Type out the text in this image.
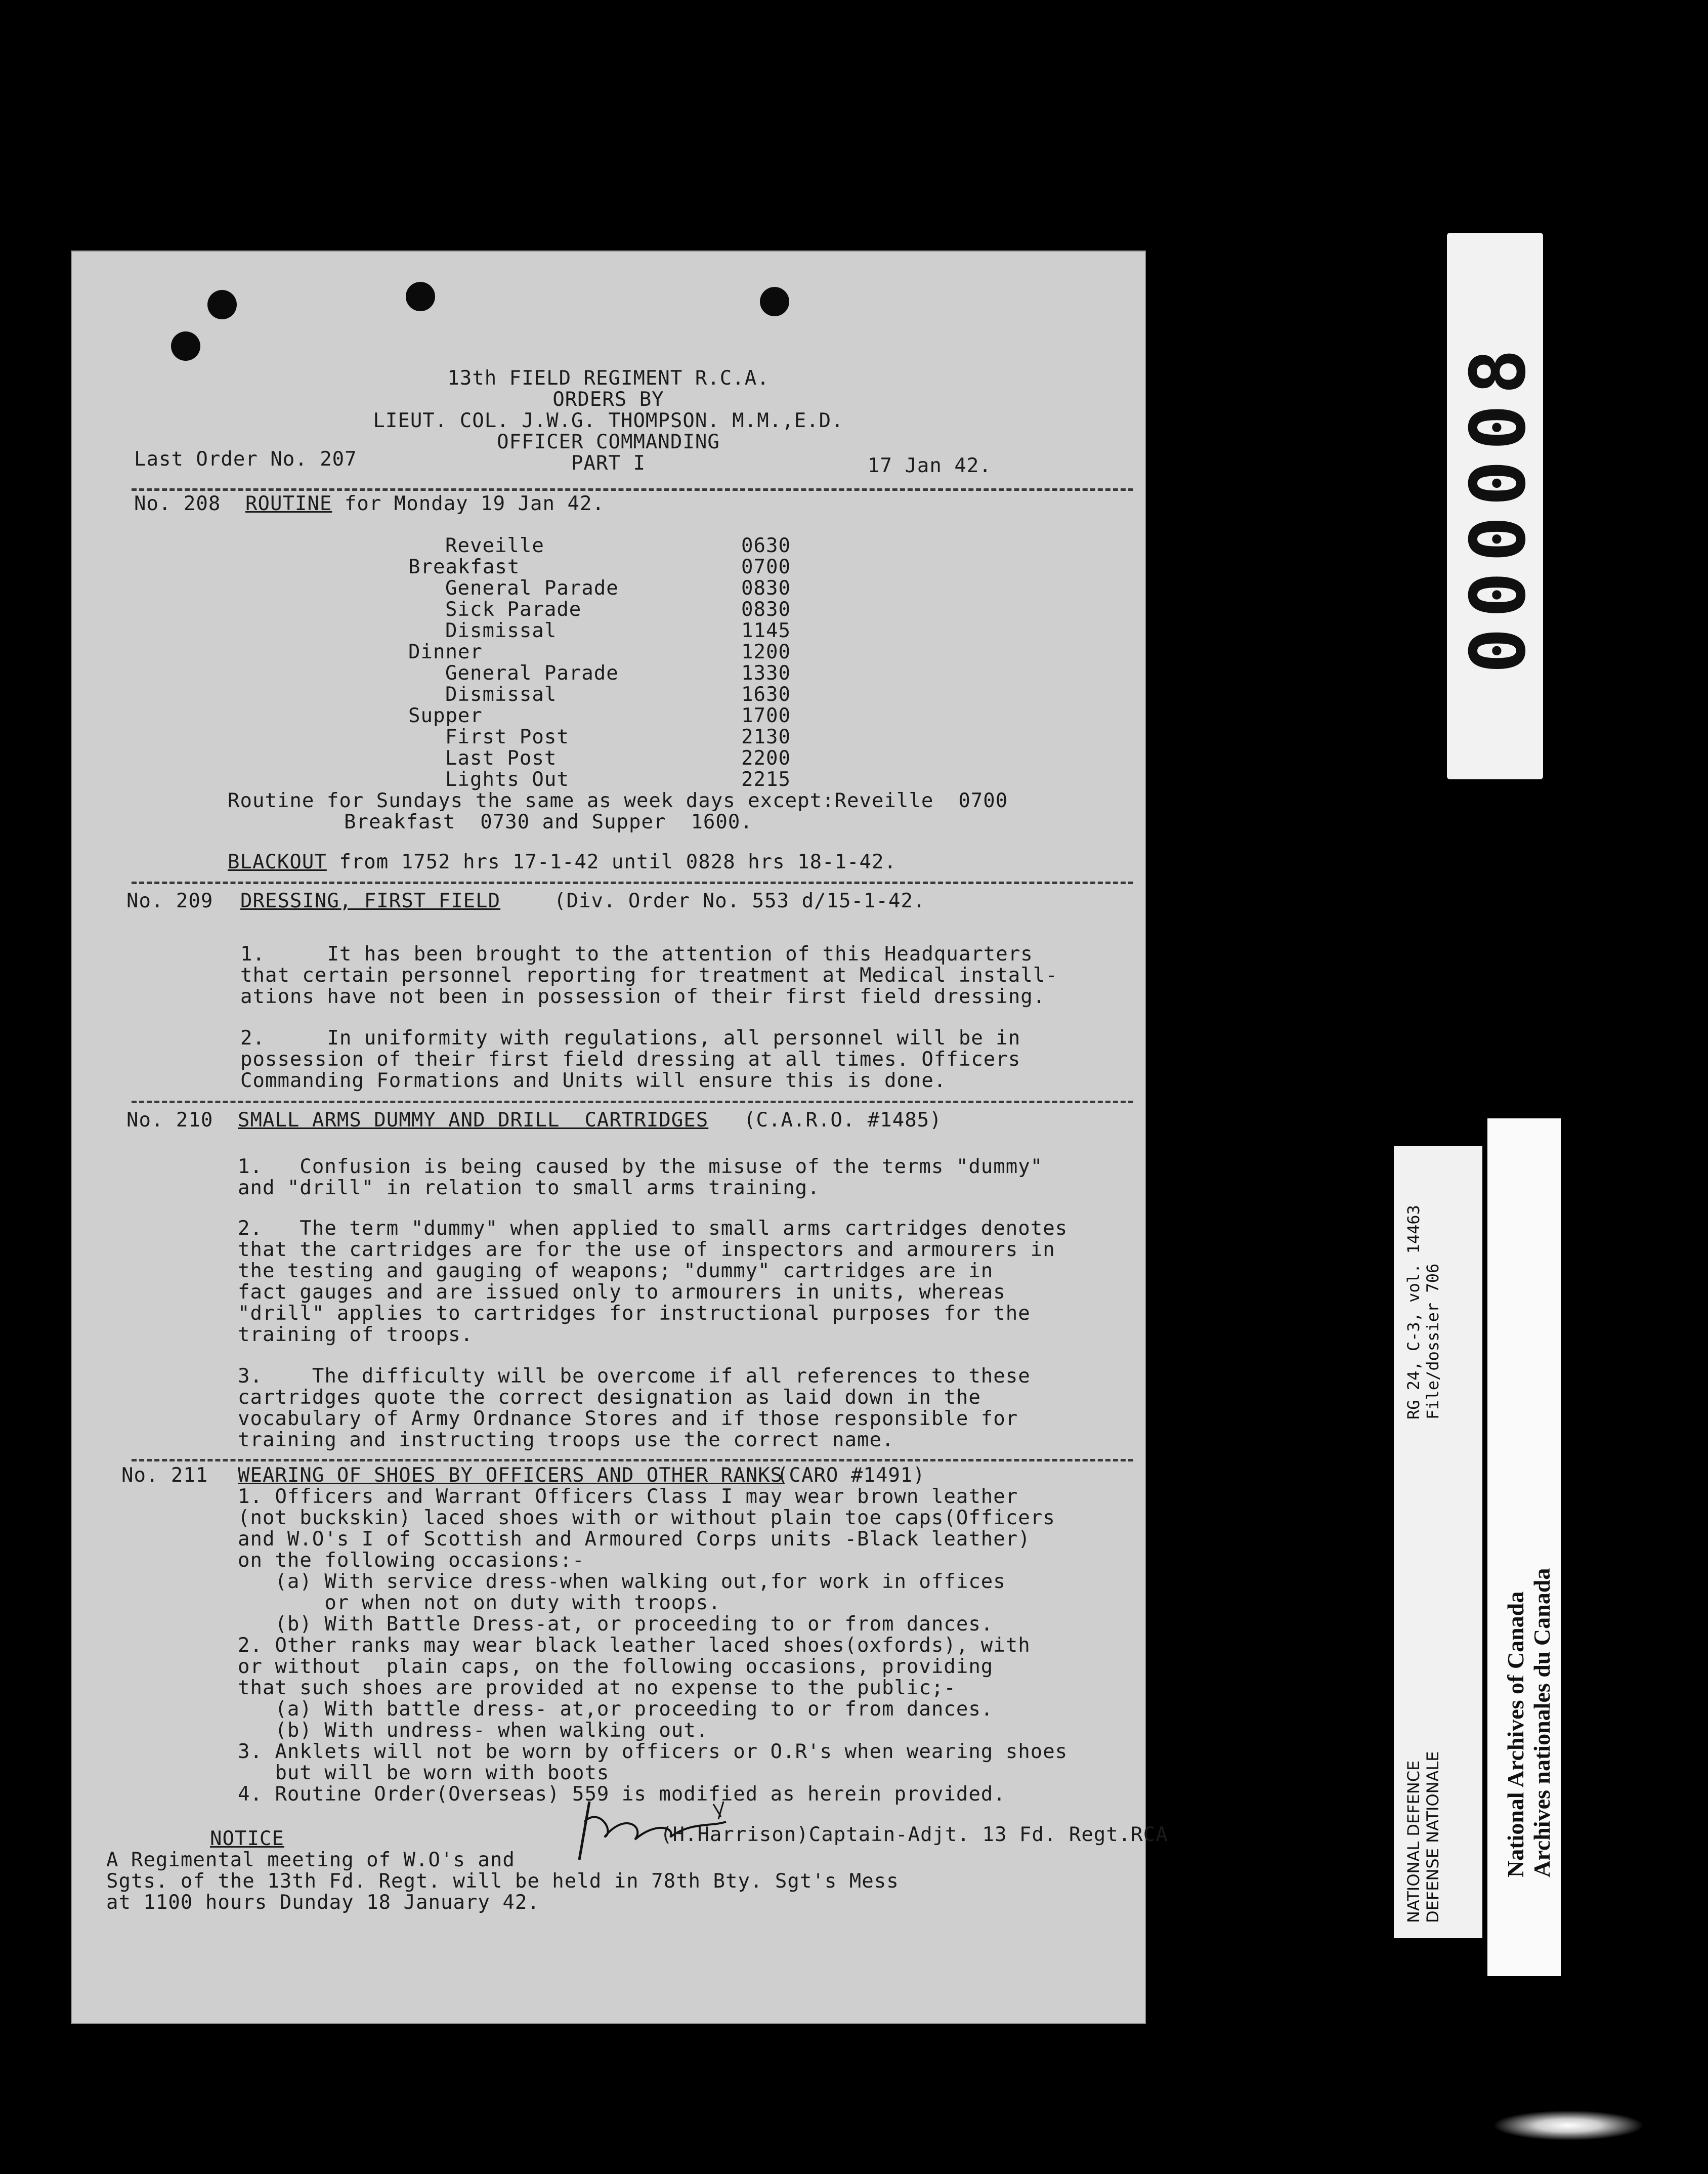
13th FIELD REGIMENT R.C.A.
ORDERS BY
LIEUT. COL. J.W.G. THOMPSON. M.M.,E.D.
OFFICER COMMANDING
PART I
Last Order No. 207	17 Jan 42.
No. 208 ROUTINE for Monday 19 Jan 42.
Reveille	0630
Breakfast	0700
General Parade	0830
Sick Parade	0830
Dismissal	1145
Dinner	1200
General Parade	1330
Dismissal	1630
Supper	1700
First Post	2130
Last Post	2200
Lights Out	2215
Routine for Sundays the same as week days except:Reveille  0700
Breakfast  0730 and Supper  1600.
BLACKOUT from 1752 hrs 17-1-42 until 0828 hrs 18-1-42.
No. 209 DRESSING, FIRST FIELD	(Div. Order No. 553 d/15-1-42.
1.     It has been brought to the attention of this Headquarters
that certain personnel reporting for treatment at Medical install-
ations have not been in possession of their first field dressing.
2.     In uniformity with regulations, all personnel will be in
possession of their first field dressing at all times. Officers
Commanding Formations and Units will ensure this is done.
No. 210 SMALL ARMS DUMMY AND DRILL  CARTRIDGES (C.A.R.O. #1485)
1.   Confusion is being caused by the misuse of the terms "dummy"
and "drill" in relation to small arms training.
2.   The term "dummy" when applied to small arms cartridges denotes
that the cartridges are for the use of inspectors and armourers in
the testing and gauging of weapons; "dummy" cartridges are in
fact gauges and are issued only to armourers in units, whereas
"drill" applies to cartridges for instructional purposes for the
training of troops.
3.    The difficulty will be overcome if all references to these
cartridges quote the correct designation as laid down in the
vocabulary of Army Ordnance Stores and if those responsible for
training and instructing troops use the correct name.
No. 211 WEARING OF SHOES BY OFFICERS AND OTHER RANKS
(CARO #1491)
1. Officers and Warrant Officers Class I may wear brown leather
(not buckskin) laced shoes with or without plain toe caps(Officers
and W.O's I of Scottish and Armoured Corps units -Black leather)
on the following occasions:-
(a) With service dress-when walking out,for work in offices
or when not on duty with troops.
(b) With Battle Dress-at, or proceeding to or from dances.
2. Other ranks may wear black leather laced shoes(oxfords), with
or without  plain caps, on the following occasions, providing
that such shoes are provided at no expense to the public;-
(a) With battle dress- at,or proceeding to or from dances.
(b) With undress- when walking out.
3. Anklets will not be worn by officers or O.R's when wearing shoes
but will be worn with boots
4. Routine Order(Overseas) 559 is modified as herein provided.
(H.Harrison)Captain-Adjt. 13 Fd. Regt.RCA
NOTICE
A Regimental meeting of W.O's and
Sgts. of the 13th Fd. Regt. will be held in 78th Bty. Sgt's Mess
at 1100 hours Dunday 18 January 42.
000008
RG 24, C-3, vol. 14463 File/dossier 706
NATIONAL DEFENCE DEFENSE NATIONALE	National Archives of Canada Archives nationales du Canada
